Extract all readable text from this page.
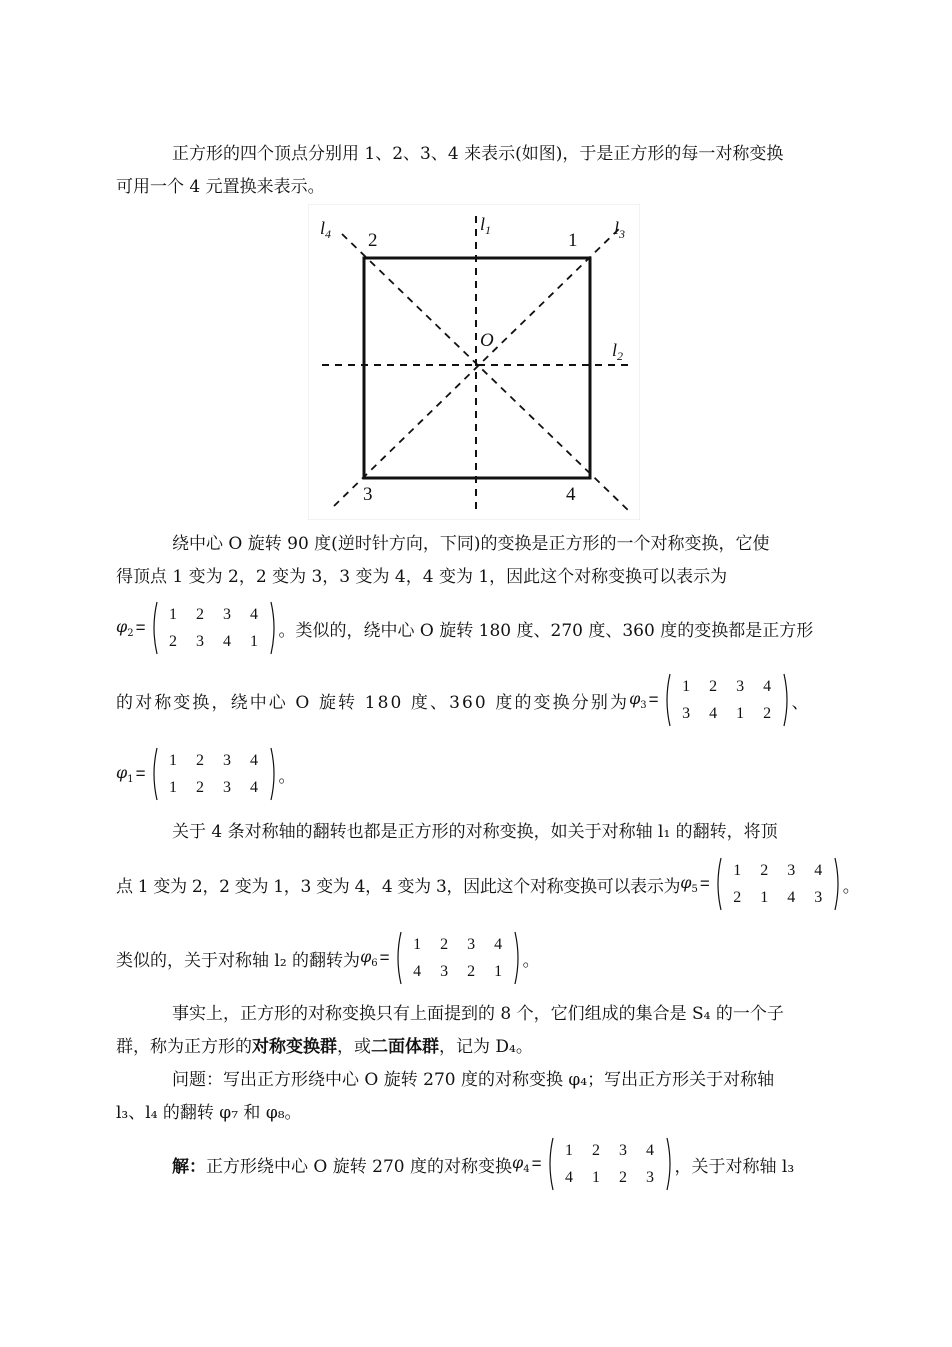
正方形的四个顶点分别用 1、2、3、4 来表示(如图)，于是正方形的每一对称变换
可用一个 4 元置换来表示。
$l_4$	$l_1$	$l_3$
$l_2$
2	1
3	4
O
绕中心 O 旋转 90 度(逆时针方向，下同)的变换是正方形的一个对称变换，它使
得顶点 1 变为 2，2 变为 3，3 变为 4，4 变为 1，因此这个对称变换可以表示为
$\varphi_2$ =
1	2	3	4
2	3	4	1
。类似的，绕中心 O 旋转 180 度、270 度、360 度的变换都是正方形
的对称变换，绕中心 O 旋转 180 度、360 度的变换分别为 $\varphi_3$ =
1	2	3	4
3	4	1	2
、
$\varphi_1$ =
1	2	3	4
1	2	3	4
。
关于 4 条对称轴的翻转也都是正方形的对称变换，如关于对称轴 l₁ 的翻转，将顶
点 1 变为 2，2 变为 1，3 变为 4，4 变为 3，因此这个对称变换可以表示为 $\varphi_5$ =
1	2	3	4
2	1	4	3
。
类似的，关于对称轴 l₂ 的翻转为 $\varphi_6$ =
1	2	3	4
4	3	2	1
。
事实上，正方形的对称变换只有上面提到的 8 个，它们组成的集合是 S₄ 的一个子
群，称为正方形的对称变换群，或二面体群，记为 D₄。
问题：写出正方形绕中心 O 旋转 270 度的对称变换 φ₄；写出正方形关于对称轴
l₃、l₄ 的翻转 φ₇ 和 φ₈。
解： 正方形绕中心 O 旋转 270 度的对称变换 $\varphi_4$ =
1	2	3	4
4	1	2	3
，关于对称轴 l₃
